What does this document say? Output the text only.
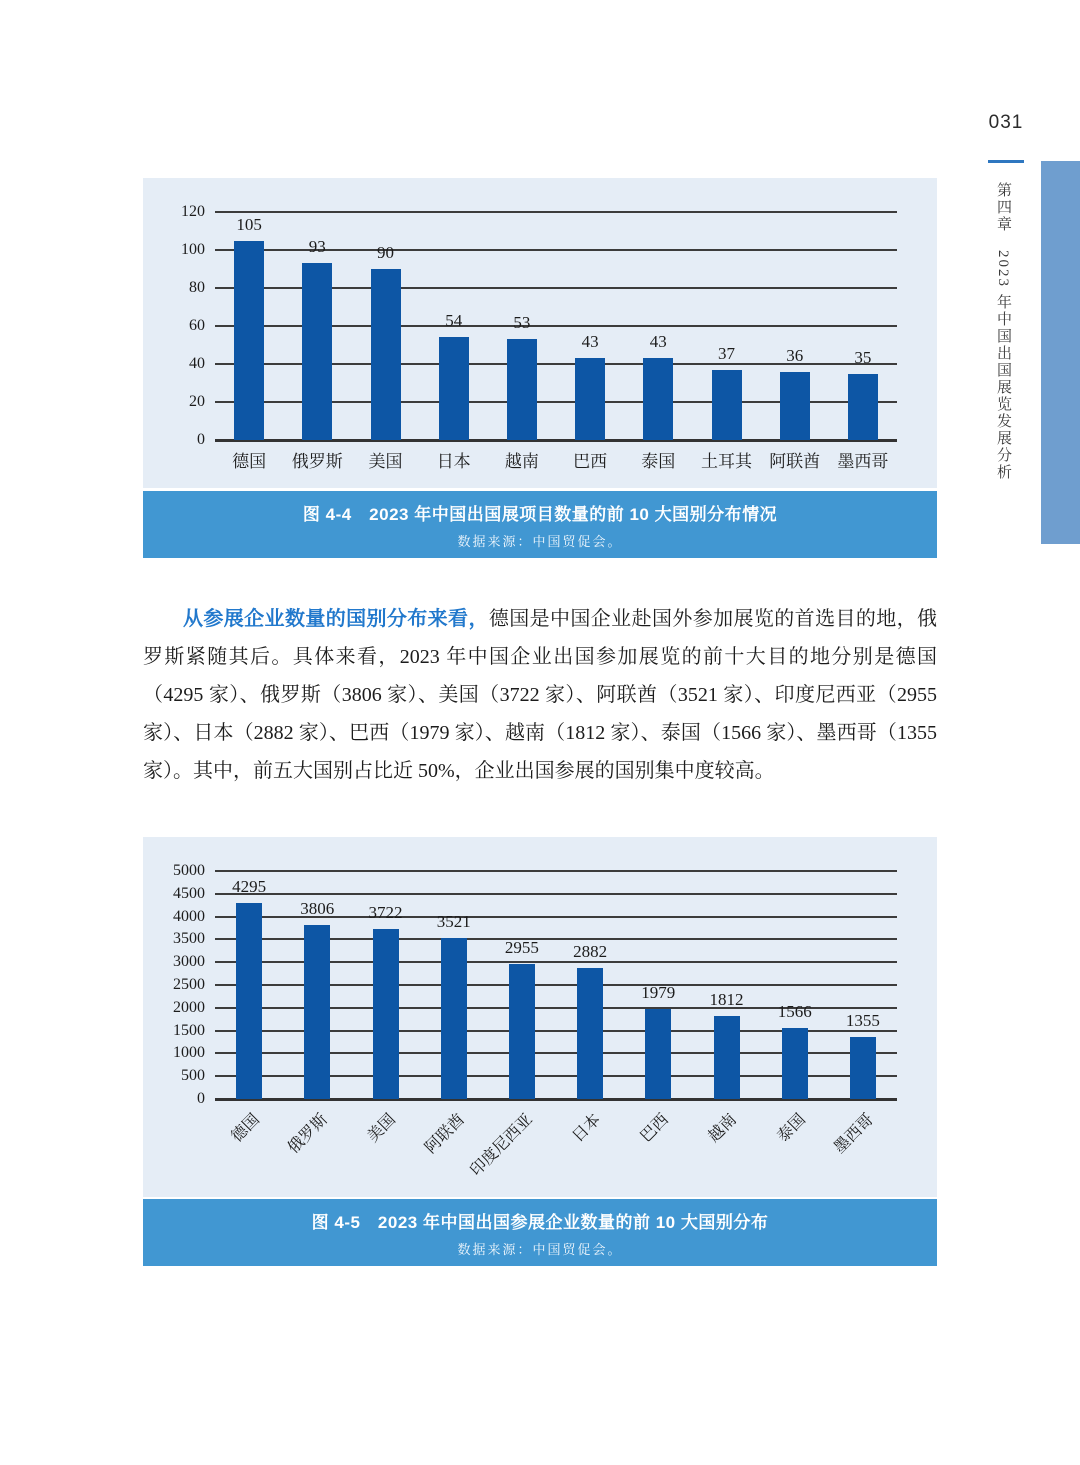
031
第四章　2023 年中国出国展览发展分析
0
20
40
60
80
100
120
105
德国
93
俄罗斯
90
美国
54
日本
53
越南
43
巴西
43
泰国
37
土耳其
36
阿联酋
35
墨西哥
图 4-4　2023 年中国出国展项目数量的前 10 大国别分布情况
数据来源：中国贸促会。

从参展企业数量的国别分布来看，德国是中国企业赴国外参加展览的首选目的地，俄罗斯紧随其后。具体来看，2023 年中国企业出国参加展览的前十大目的地分别是德国（4295 家）、俄罗斯（3806 家）、美国（3722 家）、阿联酋（3521 家）、印度尼西亚（2955 家）、日本（2882 家）、巴西（1979 家）、越南（1812 家）、泰国（1566 家）、墨西哥（1355 家）。其中，前五大国别占比近 50%，企业出国参展的国别集中度较高。

0
500
1000
1500
2000
2500
3000
3500
4000
4500
5000
4295
德国
3806
俄罗斯
3722
美国
3521
阿联酋
2955
印度尼西亚
2882
日本
1979
巴西
1812
越南
1566
泰国
1355
墨西哥
图 4-5　2023 年中国出国参展企业数量的前 10 大国别分布
数据来源：中国贸促会。
